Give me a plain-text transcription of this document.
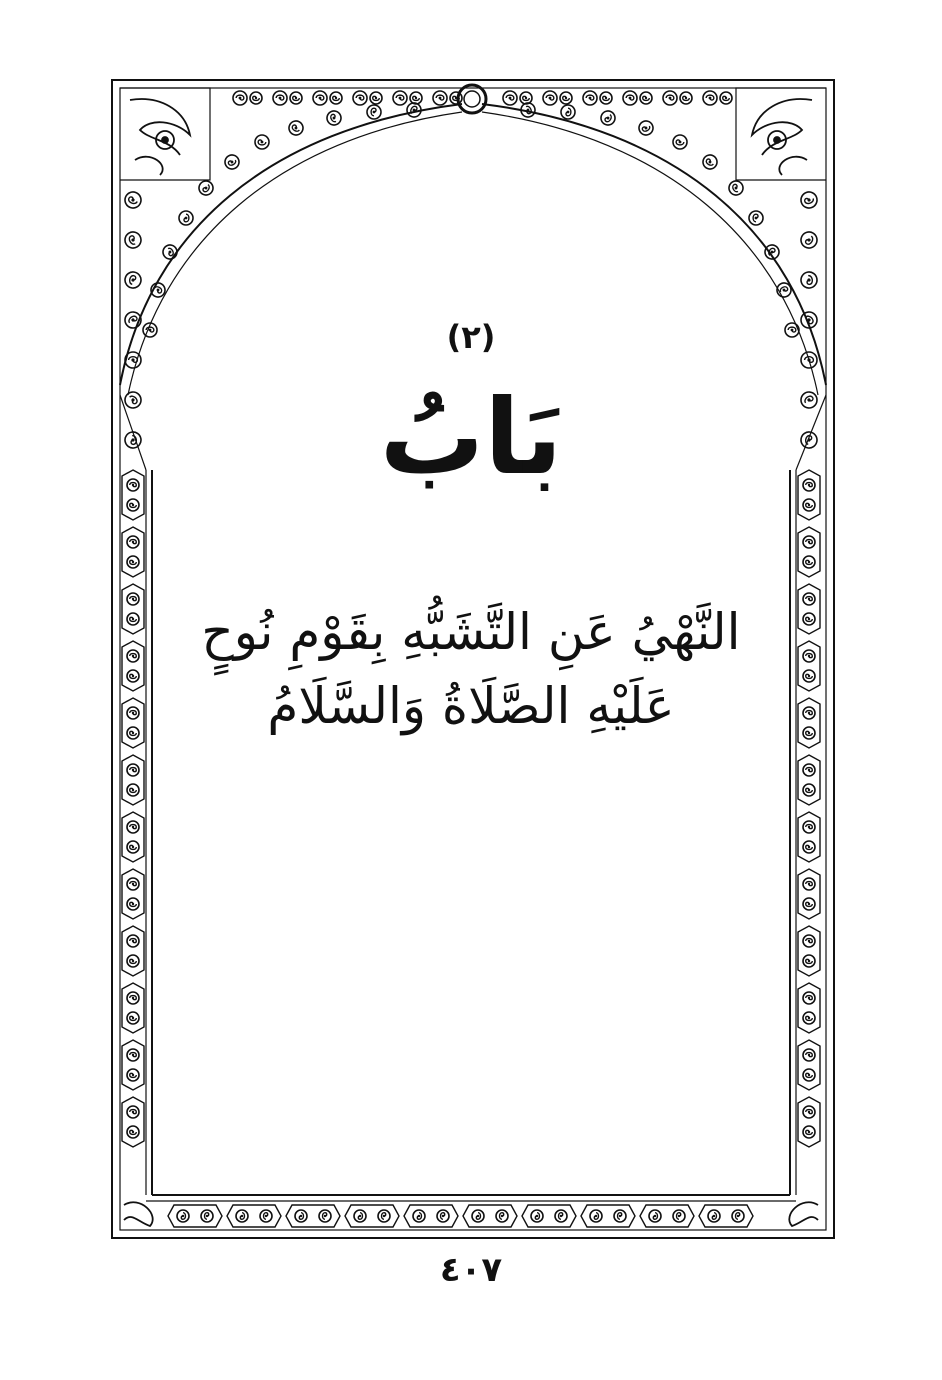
(٢)
بَابُ
النَّهْيُ عَنِ التَّشَبُّهِ بِقَوْمِ نُوحٍ
عَلَيْهِ الصَّلَاةُ وَالسَّلَامُ
٤٠٧
